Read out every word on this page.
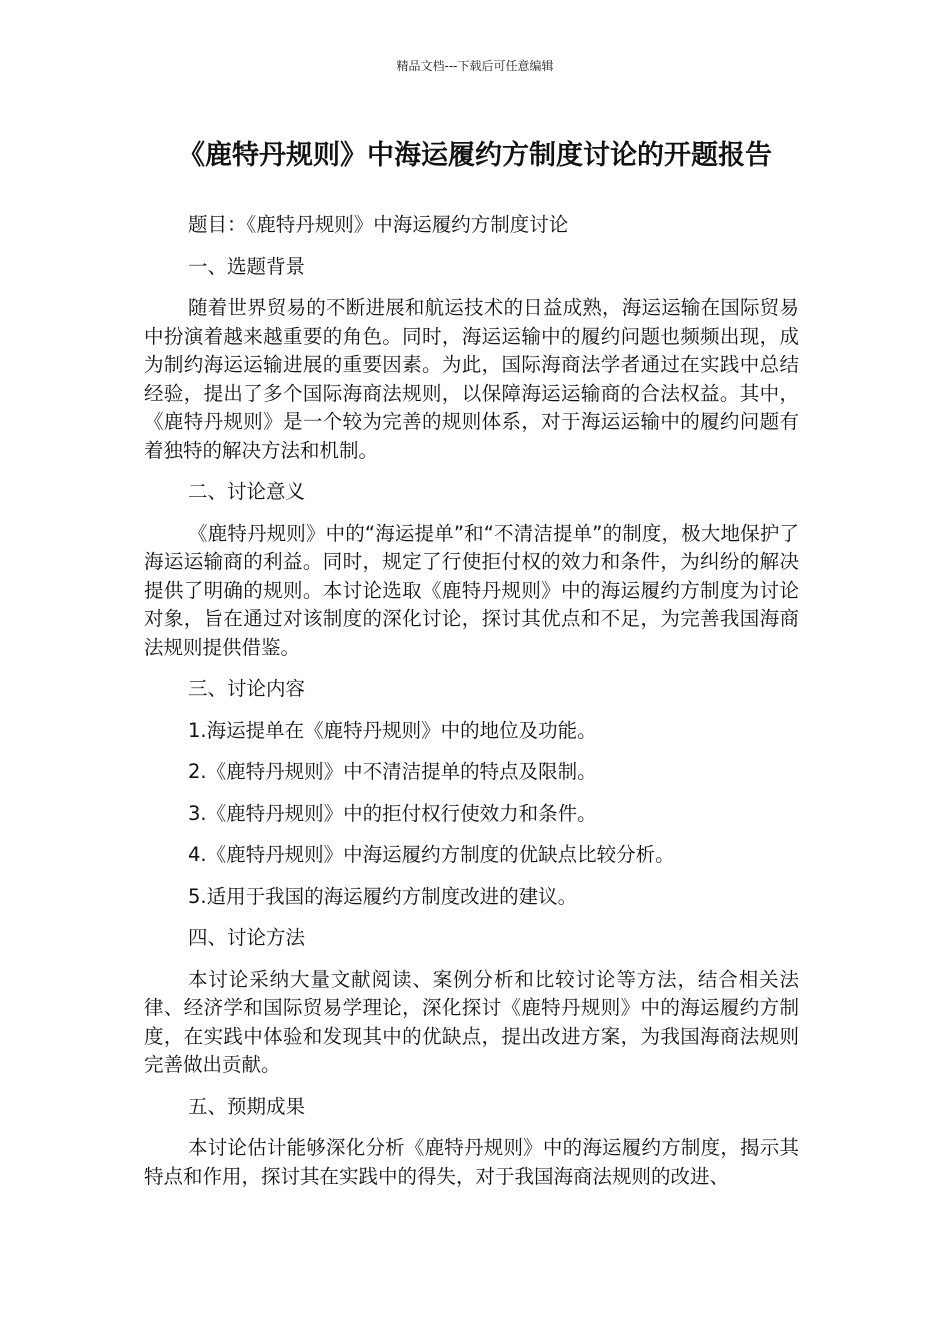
精品文档---下载后可任意编辑
《鹿特丹规则》中海运履约方制度讨论的开题报告

题目：《鹿特丹规则》中海运履约方制度讨论

一、选题背景

随着世界贸易的不断进展和航运技术的日益成熟，海运运输在国际贸易中扮演着越来越重要的角色。同时，海运运输中的履约问题也频频出现，成为制约海运运输进展的重要因素。为此，国际海商法学者通过在实践中总结经验，提出了多个国际海商法规则，以保障海运运输商的合法权益。其中，《鹿特丹规则》是一个较为完善的规则体系，对于海运运输中的履约问题有着独特的解决方法和机制。

二、讨论意义

《鹿特丹规则》中的“海运提单”和“不清洁提单”的制度，极大地保护了海运运输商的利益。同时，规定了行使拒付权的效力和条件，为纠纷的解决提供了明确的规则。本讨论选取《鹿特丹规则》中的海运履约方制度为讨论对象，旨在通过对该制度的深化讨论，探讨其优点和不足，为完善我国海商法规则提供借鉴。

三、讨论内容

1.海运提单在《鹿特丹规则》中的地位及功能。

2.《鹿特丹规则》中不清洁提单的特点及限制。

3.《鹿特丹规则》中的拒付权行使效力和条件。

4.《鹿特丹规则》中海运履约方制度的优缺点比较分析。

5.适用于我国的海运履约方制度改进的建议。

四、讨论方法

本讨论采纳大量文献阅读、案例分析和比较讨论等方法，结合相关法律、经济学和国际贸易学理论，深化探讨《鹿特丹规则》中的海运履约方制度，在实践中体验和发现其中的优缺点，提出改进方案，为我国海商法规则完善做出贡献。

五、预期成果

本讨论估计能够深化分析《鹿特丹规则》中的海运履约方制度，揭示其特点和作用，探讨其在实践中的得失，对于我国海商法规则的改进、
